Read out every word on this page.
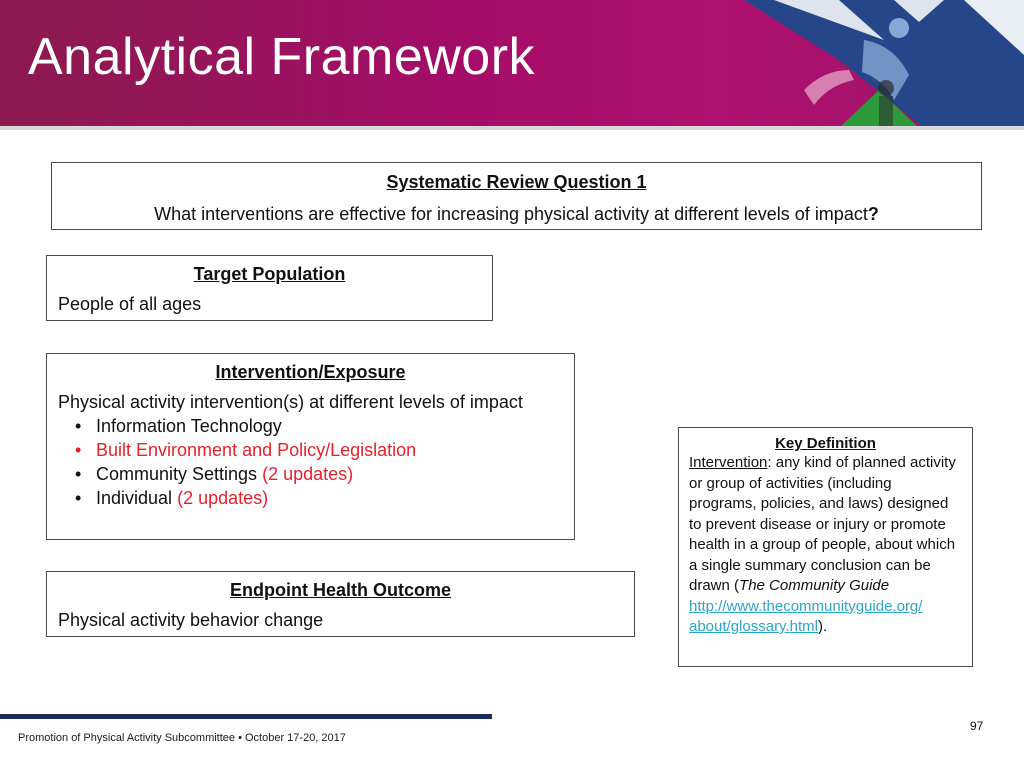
Analytical Framework
Systematic Review Question 1
What interventions are effective for increasing physical activity at different levels of impact?
Target Population
People of all ages
Intervention/Exposure
Physical activity intervention(s) at different levels of impact
• Information Technology
• Built Environment and Policy/Legislation
• Community Settings (2 updates)
• Individual (2 updates)
Endpoint Health Outcome
Physical activity behavior change
Key Definition
Intervention: any kind of planned activity or group of activities (including programs, policies, and laws) designed to prevent disease or injury or promote health in a group of people, about which a single summary conclusion can be drawn (The Community Guide
http://www.thecommunityguide.org/
about/glossary.html).
Promotion of Physical Activity Subcommittee • October 17-20, 2017
97
